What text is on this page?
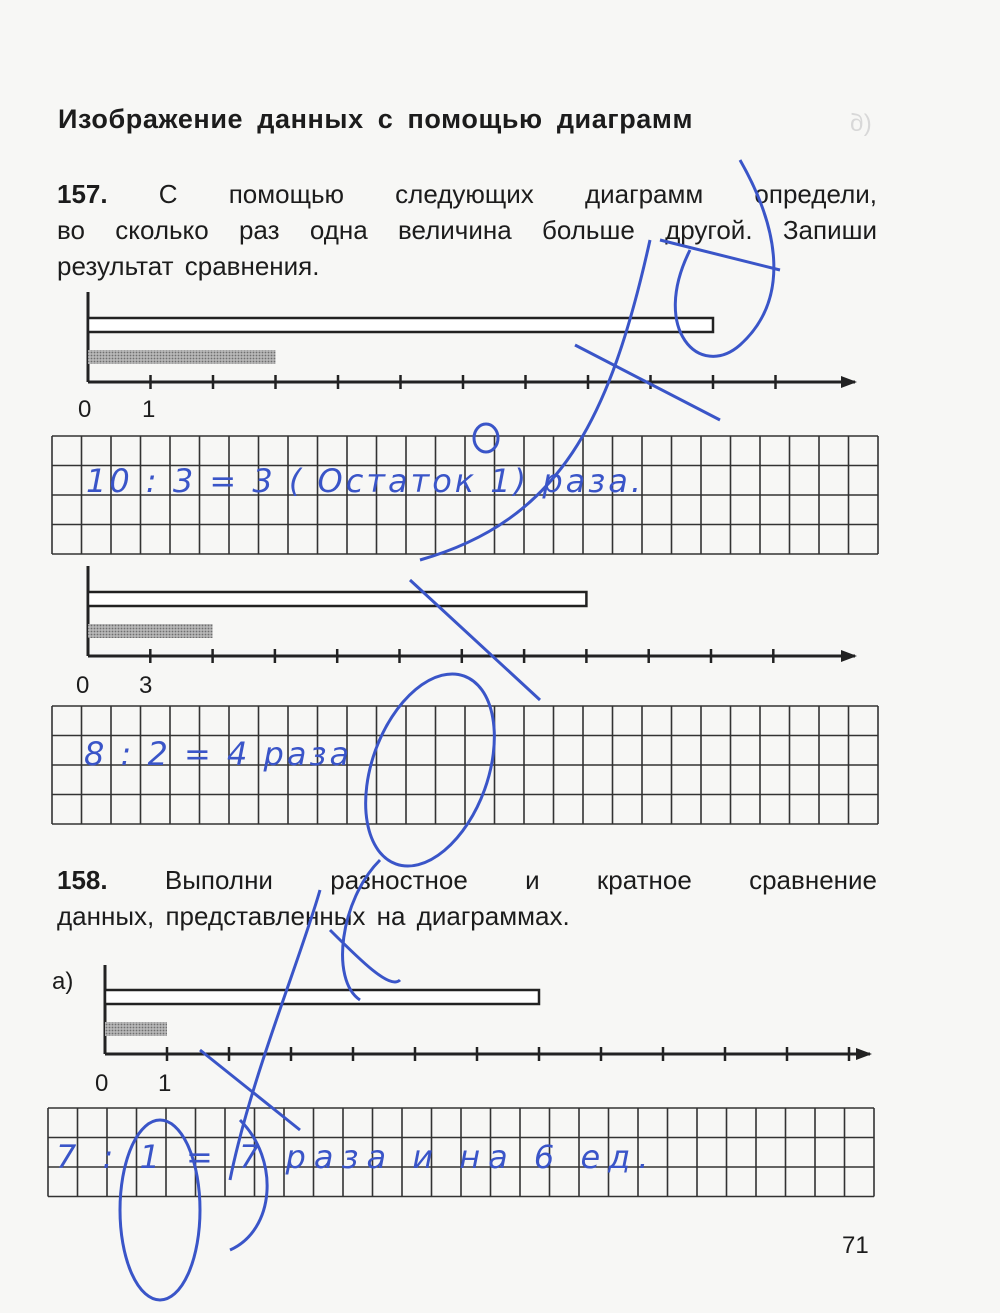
(б
Изображение данных с помощью диаграмм
157. С помощью следующих диаграмм определи,
во сколько раз одна величина больше другой. Запиши
результат сравнения.
158. Выполни разностное и кратное сравнение
данных, представленных на диаграммах.
0 1
0 3
а)
0 1
10 : 3 = 3 ( Остаток 1) раза.
8 : 2 = 4 раза
7 : 1 = 7 раза и на 6 ед.
71
